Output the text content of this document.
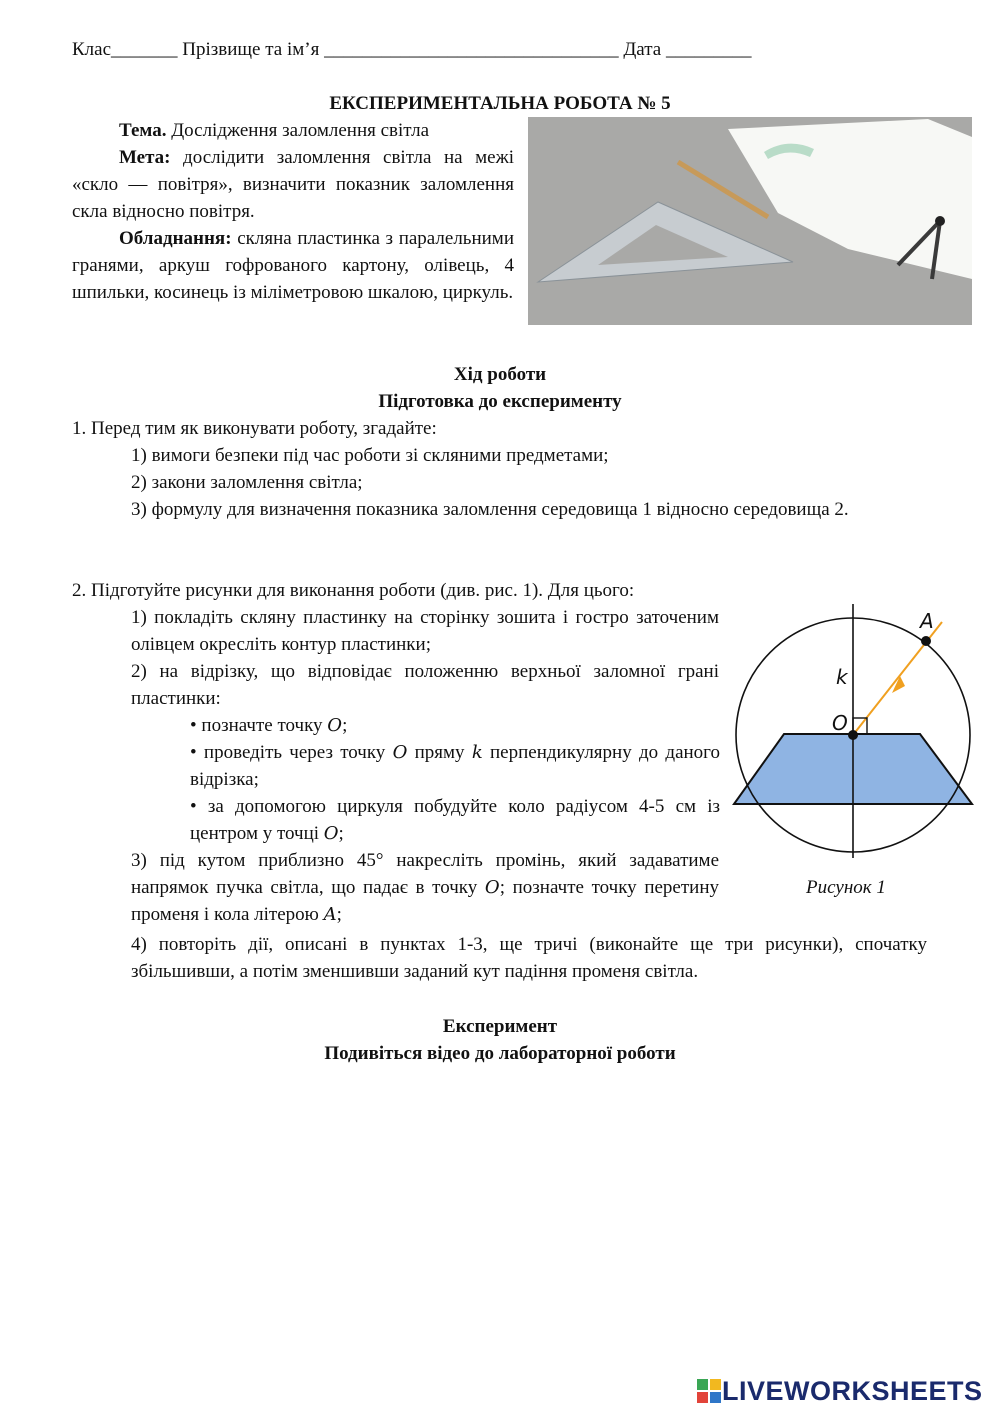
Клас_______ Прізвище та ім’я _______________________________ Дата _________
ЕКСПЕРИМЕНТАЛЬНА РОБОТА № 5

Тема. Дослідження заломлення світла

Мета: дослідити заломлення світла на межі «скло — повітря», визначити показник заломлення скла відносно повітря.

Обладнання: скляна пластинка з паралельними гранями, аркуш гофрованого картону, олівець, 4 шпильки, косинець із міліметровою шкалою, циркуль.

Хід роботи
Підготовка до експерименту
1. Перед тим як виконувати роботу, згадайте:
1) вимоги безпеки під час роботи зі скляними предметами;
2) закони заломлення світла;
3) формулу для визначення показника заломлення середовища 1 відносно середовища 2.
2. Підготуйте рисунки для виконання роботи (див. рис. 1). Для цього:
1) покладіть скляну пластинку на сторінку зошита і гостро заточеним олівцем окресліть контур пластинки;
2) на відрізку, що відповідає положенню верхньої заломної грані пластинки:
• позначте точку O;
• проведіть через точку O пряму k перпендикулярну до даного відрізка;
• за допомогою циркуля побудуйте коло радіусом 4-5 см із центром у точці O;
3) під кутом приблизно 45° накресліть промінь, який задаватиме напрямок пучка світла, що падає в точку O; позначте точку перетину променя і кола літерою A;
4) повторіть дії, описані в пунктах 1-3, ще тричі (виконайте ще три рисунки), спочатку збільшивши, а потім зменшивши заданий кут падіння променя світла.
A
k
O
Рисунок 1
Експеримент
Подивіться відео до лабораторної роботи
LIVEWORKSHEETS
